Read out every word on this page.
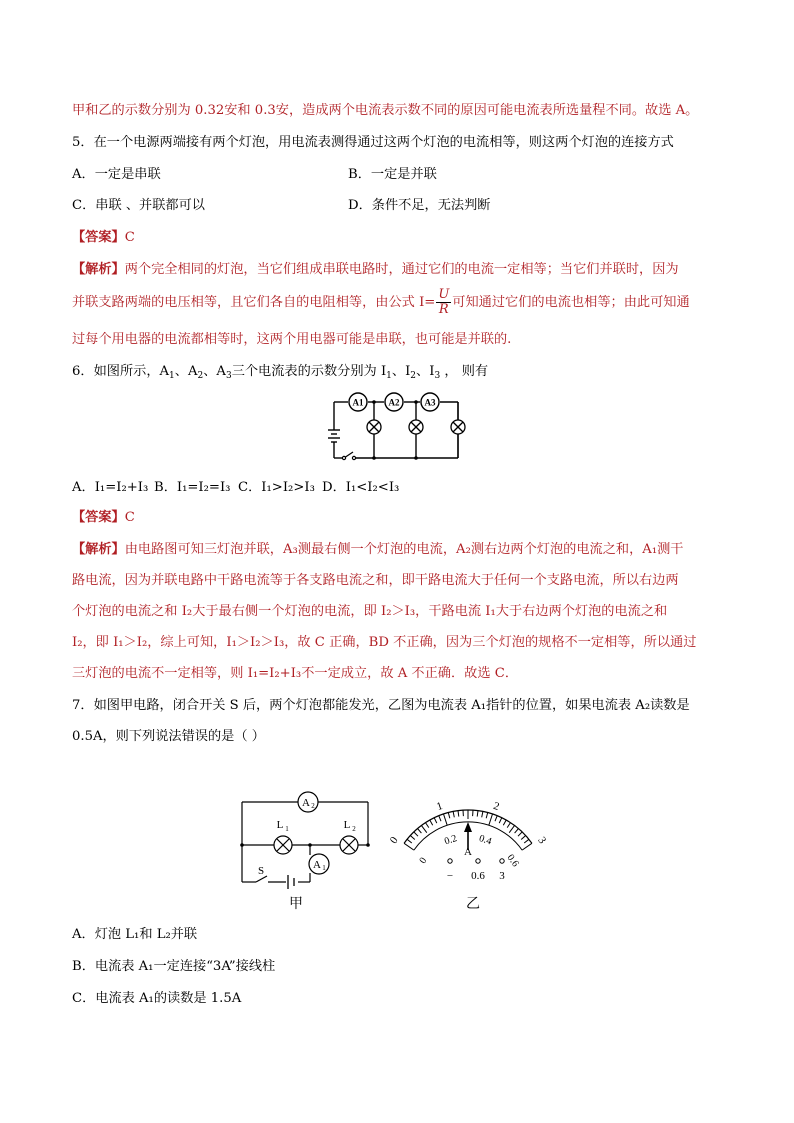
甲和乙的示数分别为 0.32安和 0.3安，造成两个电流表示数不同的原因可能电流表所选量程不同。故选 A。
5．在一个电源两端接有两个灯泡，用电流表测得通过这两个灯泡的电流相等，则这两个灯泡的连接方式
A．一定是串联	B．一定是并联
C．串联 、并联都可以	D．条件不足，无法判断
【答案】C
【解析】两个完全相同的灯泡，当它们组成串联电路时，通过它们的电流一定相等；当它们并联时，因为
并联支路两端的电压相等，且它们各自的电阻相等，由公式 $I= \frac{U}{R}$ 可知通过它们的电流也相等；由此可知通
过每个用电器的电流都相等时，这两个用电器可能是串联，也可能是并联的.
6．如图所示，$A_1$、$A_2$、$A_3$三个电流表的示数分别为 $I_1$、$I_2$、$I_3$ ， 则有
A1	A2	A3
A．I₁=I₂+I₃ B．I₁=I₂=I₃ C．I₁>I₂>I₃ D．I₁<I₂<I₃
【答案】C
【解析】由电路图可知三灯泡并联，A₃测最右侧一个灯泡的电流，A₂测右边两个灯泡的电流之和，A₁测干
路电流，因为并联电路中干路电流等于各支路电流之和，即干路电流大于任何一个支路电流，所以右边两
个灯泡的电流之和 I₂大于最右侧一个灯泡的电流，即 I₂＞I₃，干路电流 I₁大于右边两个灯泡的电流之和
I₂，即 I₁＞I₂，综上可知，I₁＞I₂＞I₃，故 C 正确，BD 不正确，因为三个灯泡的规格不一定相等，所以通过
三灯泡的电流不一定相等，则 I₁=I₂+I₃不一定成立，故 A 不正确．故选 C．
7．如图甲电路，闭合开关 S 后，两个灯泡都能发光，乙图为电流表 A₁指针的位置，如果电流表 A₂读数是
0.5A，则下列说法错误的是（ ）
A 2
A 1
L 1	L 2
S
甲
0
1	2
3
0
0.2 0.4
0.6
A
− 0.6 3
乙
A．灯泡 L₁和 L₂并联
B．电流表 A₁一定连接“3A”接线柱
C．电流表 A₁的读数是 1.5A
